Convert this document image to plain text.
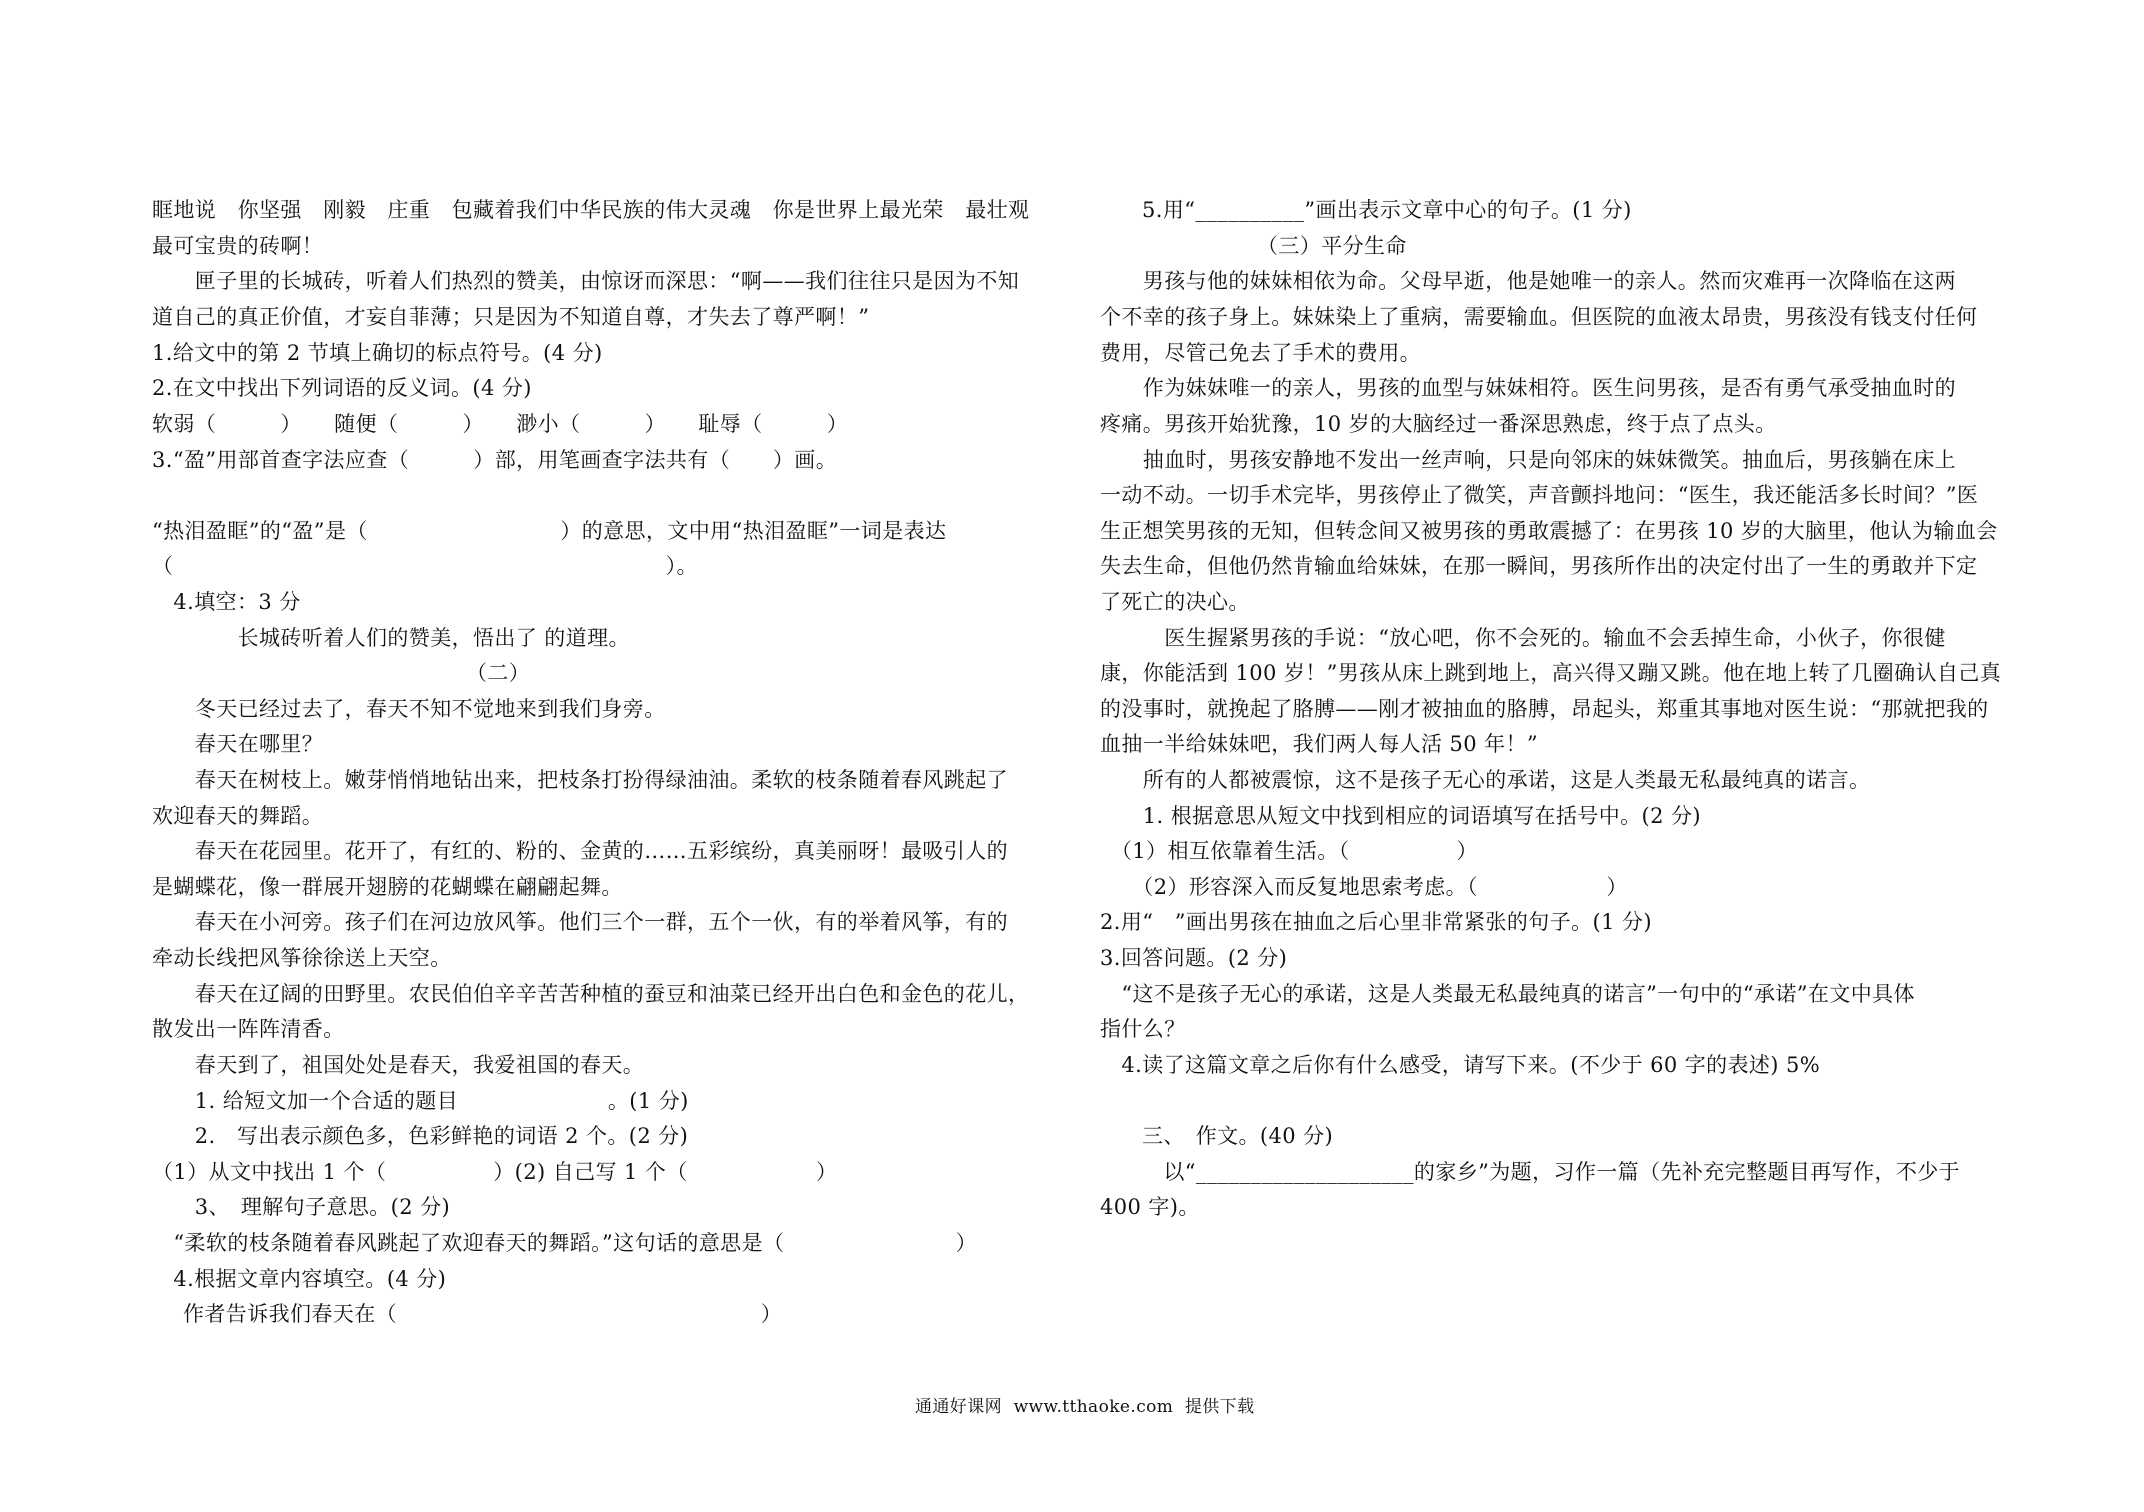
眶地说　你坚强　刚毅　庄重　包藏着我们中华民族的伟大灵魂　你是世界上最光荣　最壮观
最可宝贵的砖啊！
　　匣子里的长城砖，听着人们热烈的赞美，由惊讶而深思：“啊——我们往往只是因为不知
道自己的真正价值，才妄自菲薄；只是因为不知道自尊，才失去了尊严啊！”
1.给文中的第 2 节填上确切的标点符号。(4 分)
2.在文中找出下列词语的反义词。(4 分)
软弱（　　　）　　随便（　　　）　　渺小（　　　）　　耻辱（　　　）
3.“盈”用部首查字法应查（　　　）部，用笔画查字法共有（　　）画。
“热泪盈眶”的“盈”是（　　　　　　　　　）的意思，文中用“热泪盈眶”一词是表达
（　　　　　　　　　　　　　　　　　　　　　　　）。
　4.填空：3 分
　　　　长城砖听着人们的赞美，悟出了 的道理。
（二）
　　冬天已经过去了，春天不知不觉地来到我们身旁。
　　春天在哪里？
　　春天在树枝上。嫩芽悄悄地钻出来，把枝条打扮得绿油油。柔软的枝条随着春风跳起了
欢迎春天的舞蹈。
　　春天在花园里。花开了，有红的、粉的、金黄的……五彩缤纷，真美丽呀！最吸引人的
是蝴蝶花，像一群展开翅膀的花蝴蝶在翩翩起舞。
　　春天在小河旁。孩子们在河边放风筝。他们三个一群，五个一伙，有的举着风筝，有的
牵动长线把风筝徐徐送上天空。
　　春天在辽阔的田野里。农民伯伯辛辛苦苦种植的蚕豆和油菜已经开出白色和金色的花儿，
散发出一阵阵清香。
　　春天到了，祖国处处是春天，我爱祖国的春天。
　　1. 给短文加一个合适的题目　　　　　　　。(1 分)
　　2.　写出表示颜色多，色彩鲜艳的词语 2 个。(2 分)
（1）从文中找出 1 个（　　　　　）(2) 自己写 1 个（　　　　　　）
　　3、　理解句子意思。(2 分)
　“柔软的枝条随着春风跳起了欢迎春天的舞蹈。”这句话的意思是（　　　　　　　　）
　4.根据文章内容填空。(4 分)
作者告诉我们春天在（　　　　　　　　　　　　　　　　　）
5.用“__________”画出表示文章中心的句子。(1 分)
（三）平分生命
　　男孩与他的妹妹相依为命。父母早逝，他是她唯一的亲人。然而灾难再一次降临在这两
个不幸的孩子身上。妹妹染上了重病，需要输血。但医院的血液太昂贵，男孩没有钱支付任何
费用，尽管己免去了手术的费用。
　　作为妹妹唯一的亲人，男孩的血型与妹妹相符。医生问男孩，是否有勇气承受抽血时的
疼痛。男孩开始犹豫，10 岁的大脑经过一番深思熟虑，终于点了点头。
　　抽血时，男孩安静地不发出一丝声响，只是向邻床的妹妹微笑。抽血后，男孩躺在床上
一动不动。一切手术完毕，男孩停止了微笑，声音颤抖地问：“医生，我还能活多长时间？”医
生正想笑男孩的无知，但转念间又被男孩的勇敢震撼了：在男孩 10 岁的大脑里，他认为输血会
失去生命，但他仍然肯输血给妹妹，在那一瞬间，男孩所作出的决定付出了一生的勇敢并下定
了死亡的决心。
　　　医生握紧男孩的手说：“放心吧，你不会死的。输血不会丢掉生命，小伙子，你很健
康，你能活到 100 岁！”男孩从床上跳到地上，高兴得又蹦又跳。他在地上转了几圈确认自己真
的没事时，就挽起了胳膊——刚才被抽血的胳膊，昂起头，郑重其事地对医生说：“那就把我的
血抽一半给妹妹吧，我们两人每人活 50 年！”
　　所有的人都被震惊，这不是孩子无心的承诺，这是人类最无私最纯真的诺言。
　　1. 根据意思从短文中找到相应的词语填写在括号中。(2 分)
　（1）相互依靠着生活。（　　　　　）
　　（2）形容深入而反复地思索考虑。（　　　　　　）
2.用“　”画出男孩在抽血之后心里非常紧张的句子。(1 分)
3.回答问题。(2 分)
　“这不是孩子无心的承诺，这是人类最无私最纯真的诺言”一句中的“承诺”在文中具体
指什么？
　4.读了这篇文章之后你有什么感受，请写下来。(不少于 60 字的表述) 5%
三、　作文。(40 分)
　以“____________________的家乡”为题，习作一篇（先补充完整题目再写作，不少于
400 字)。
通通好课网  www.tthaoke.com  提供下载
